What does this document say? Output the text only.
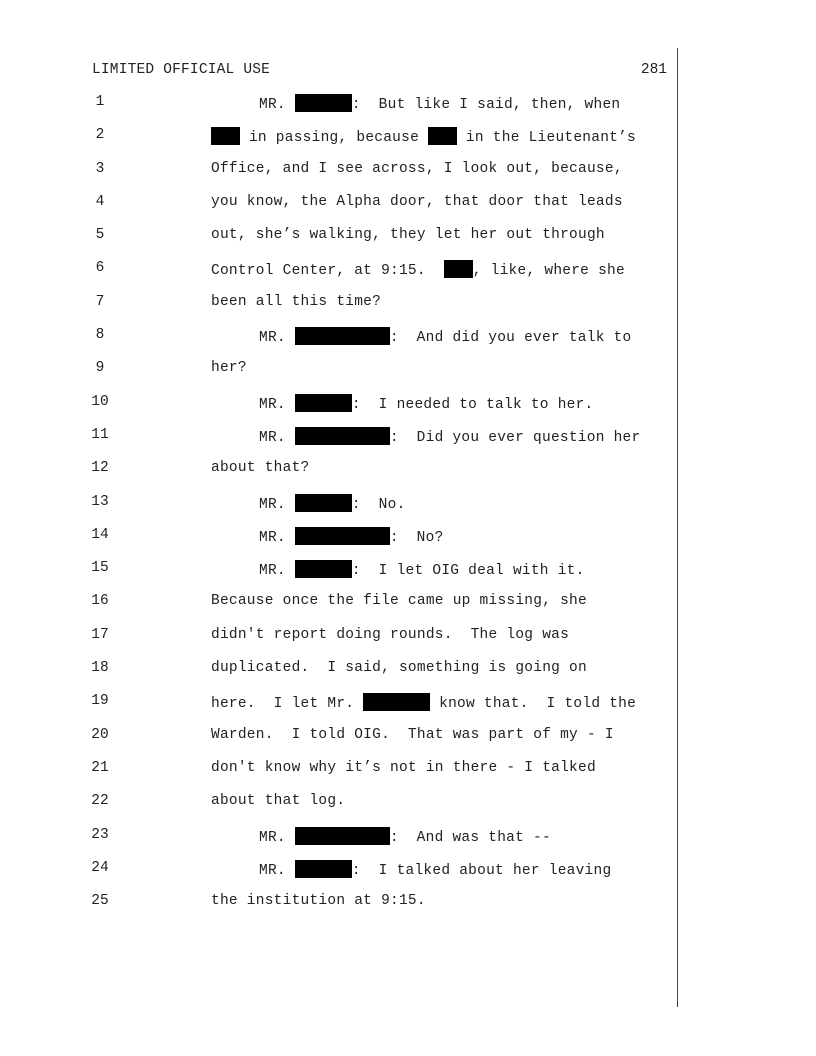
LIMITED OFFICIAL USE	281
1	MR.	:  But like I said, then, when
2	in passing, because  in the Lieutenant’s
3	Office, and I see across, I look out, because,
4	you know, the Alpha door, that door that leads
5	out, she’s walking, they let her out through
6	Control Center, at 9:15.  , like, where she
7	been all this time?
8	MR.	:  And did you ever talk to
9	her?
10	MR.	:  I needed to talk to her.
11	MR.	:  Did you ever question her
12	about that?
13	MR.	:  No.
14	MR.	:  No?
15	MR.	:  I let OIG deal with it.
16	Because once the file came up missing, she
17	didn't report doing rounds.  The log was
18	duplicated.  I said, something is going on
19	here.  I let Mr.	know that.  I told the
20	Warden.  I told OIG.  That was part of my - I
21	don't know why it’s not in there - I talked
22	about that log.
23	MR.	:  And was that --
24	MR.	:  I talked about her leaving
25	the institution at 9:15.
